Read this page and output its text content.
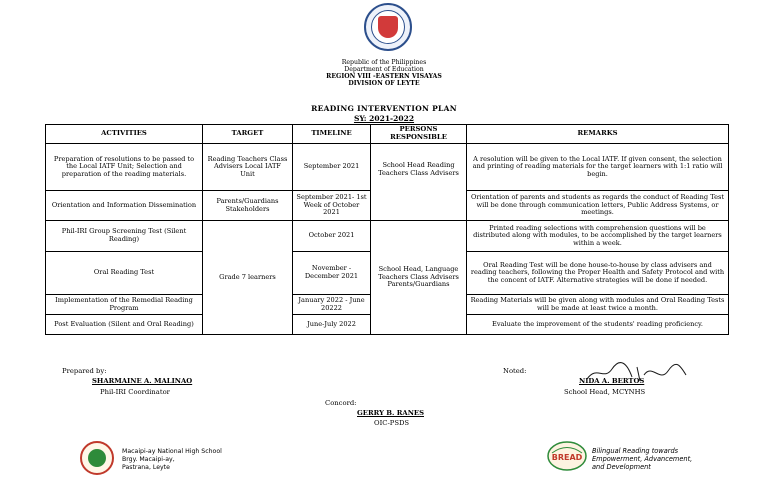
Republic of the Philippines
Department of Education
REGION VIII -EASTERN VISAYAS
DIVISION OF LEYTE
READING INTERVENTION PLAN
SY: 2021-2022
ACTIVITIES	TARGET	TIMELINE	PERSONS RESPONSIBLE	REMARKS
Preparation of resolutions to be passed to the Local IATF Unit; Selection and preparation of the reading materials.	Reading Teachers Class Advisers Local IATF Unit	September 2021	School Head Reading Teachers Class Advisers	A resolution will be given to the Local IATF. If given consent, the selection and printing of reading materials for the target learners with 1:1 ratio will begin.
Orientation and Information Dissemination	Parents/Guardians Stakeholders	September 2021- 1st Week of October 2021		Orientation of parents and students as regards the conduct of Reading Test will be done through communication letters, Public Address Systems, or meetings.
Phil-IRI Group Screening Test (Silent Reading)	Grade 7 learners	October 2021	School Head, Language Teachers Class Advisers Parents/Guardians	Printed reading selections with comprehension questions will be distributed along with modules, to be accomplished by the target learners within a week.
Oral Reading Test		November - December 2021		Oral Reading Test will be done house-to-house by class advisers and reading teachers, following the Proper Health and Safety Protocol and with the concent of IATF. Alternative strategies will be done if needed.
Implementation of the Remedial Reading Program		January 2022 - June 20222		Reading Materials will be given along with modules and Oral Reading Tests will be made at least twice a month.
Post Evaluation (Silent and Oral Reading)		June-July 2022		Evaluate the improvement of the students' reading proficiency.
Prepared by:
SHARMAINE A. MALINAO
Phil-IRI Coordinator
Noted:
NIDA A. BERTOS
School Head, MCYNHS
Concord:
GERRY B. RANES
OIC-PSDS
Macaipi-ay National High School
Brgy. Macaipi-ay,
Pastrana, Leyte
BREAD
Bilingual Reading towards
Empowerment, Advancement,
and Development
